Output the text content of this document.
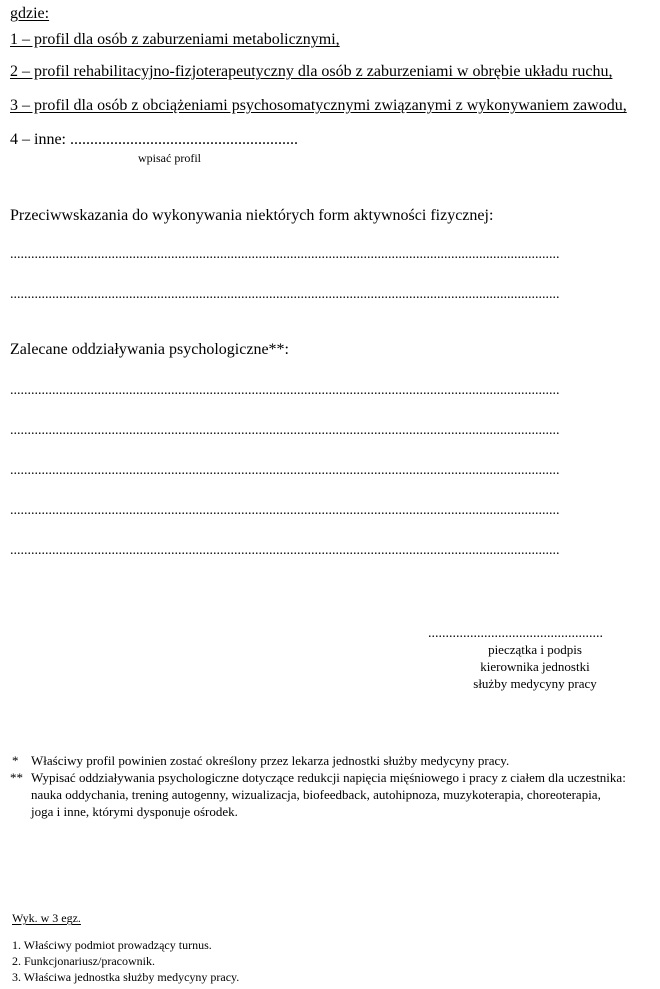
gdzie:
1 – profil dla osób z zaburzeniami metabolicznymi,
2 – profil rehabilitacyjno-fizjoterapeutyczny dla osób z zaburzeniami w obrębie układu ruchu,
3 – profil dla osób z obciążeniami psychosomatycznymi związanymi z wykonywaniem zawodu,
4 – inne: .........................................................
wpisać profil
Przeciwwskazania do wykonywania niektórych form aktywności fizycznej:
.............................................................................................................................................................
.............................................................................................................................................................
Zalecane oddziaływania psychologiczne**:
.............................................................................................................................................................
.............................................................................................................................................................
.............................................................................................................................................................
.............................................................................................................................................................
.............................................................................................................................................................
..................................................
pieczątka i podpis
kierownika jednostki
służby medycyny pracy
* Właściwy profil powinien zostać określony przez lekarza jednostki służby medycyny pracy.
** Wypisać oddziaływania psychologiczne dotyczące redukcji napięcia mięśniowego i pracy z ciałem dla uczestnika:
nauka oddychania, trening autogenny, wizualizacja, biofeedback, autohipnoza, muzykoterapia, choreoterapia,
joga i inne, którymi dysponuje ośrodek.
Wyk. w 3 egz.
1. Właściwy podmiot prowadzący turnus.
2. Funkcjonariusz/pracownik.
3. Właściwa jednostka służby medycyny pracy.
